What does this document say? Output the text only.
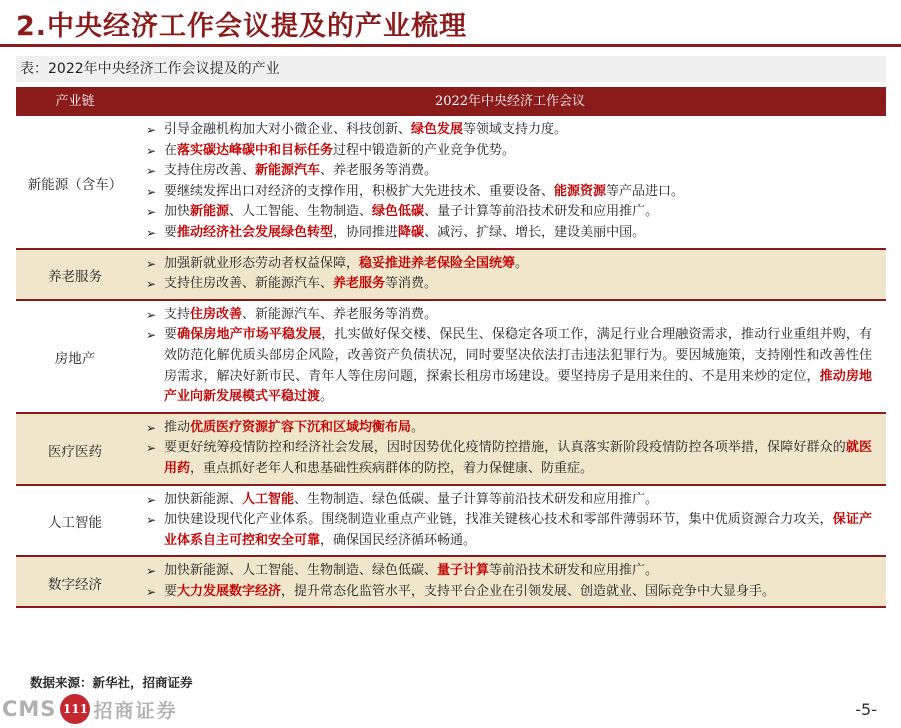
2.中央经济工作会议提及的产业梳理
表：2022年中央经济工作会议提及的产业
产业链	2022年中央经济工作会议
新能源（含车）
➢ 引导金融机构加大对小微企业、科技创新、绿色发展等领域支持力度。
➢ 在落实碳达峰碳中和目标任务过程中锻造新的产业竞争优势。
➢ 支持住房改善、新能源汽车、养老服务等消费。
➢ 要继续发挥出口对经济的支撑作用，积极扩大先进技术、重要设备、能源资源等产品进口。
➢ 加快新能源、人工智能、生物制造、绿色低碳、量子计算等前沿技术研发和应用推广。
➢ 要推动经济社会发展绿色转型，协同推进降碳、减污、扩绿、增长，建设美丽中国。
养老服务
➢ 加强新就业形态劳动者权益保障，稳妥推进养老保险全国统筹。
➢ 支持住房改善、新能源汽车、养老服务等消费。
房地产
➢ 支持住房改善、新能源汽车、养老服务等消费。
➢ 要确保房地产市场平稳发展，扎实做好保交楼、保民生、保稳定各项工作，满足行业合理融资需求，推动行业重组并购，有效防范化解优质头部房企风险，改善资产负债状况，同时要坚决依法打击违法犯罪行为。要因城施策，支持刚性和改善性住房需求，解决好新市民、青年人等住房问题，探索长租房市场建设。要坚持房子是用来住的、不是用来炒的定位，推动房地产业向新发展模式平稳过渡。
医疗医药
➢ 推动优质医疗资源扩容下沉和区域均衡布局。
➢ 要更好统筹疫情防控和经济社会发展，因时因势优化疫情防控措施，认真落实新阶段疫情防控各项举措，保障好群众的就医用药，重点抓好老年人和患基础性疾病群体的防控，着力保健康、防重症。
人工智能
➢ 加快新能源、人工智能、生物制造、绿色低碳、量子计算等前沿技术研发和应用推广。
➢ 加快建设现代化产业体系。围绕制造业重点产业链，找准关键核心技术和零部件薄弱环节，集中优质资源合力攻关，保证产业体系自主可控和安全可靠，确保国民经济循环畅通。
数字经济
➢ 加快新能源、人工智能、生物制造、绿色低碳、量子计算等前沿技术研发和应用推广。
➢ 要大力发展数字经济，提升常态化监管水平，支持平台企业在引领发展、创造就业、国际竞争中大显身手。
数据来源：新华社，招商证券
CMS 111 招商证券	-5-
